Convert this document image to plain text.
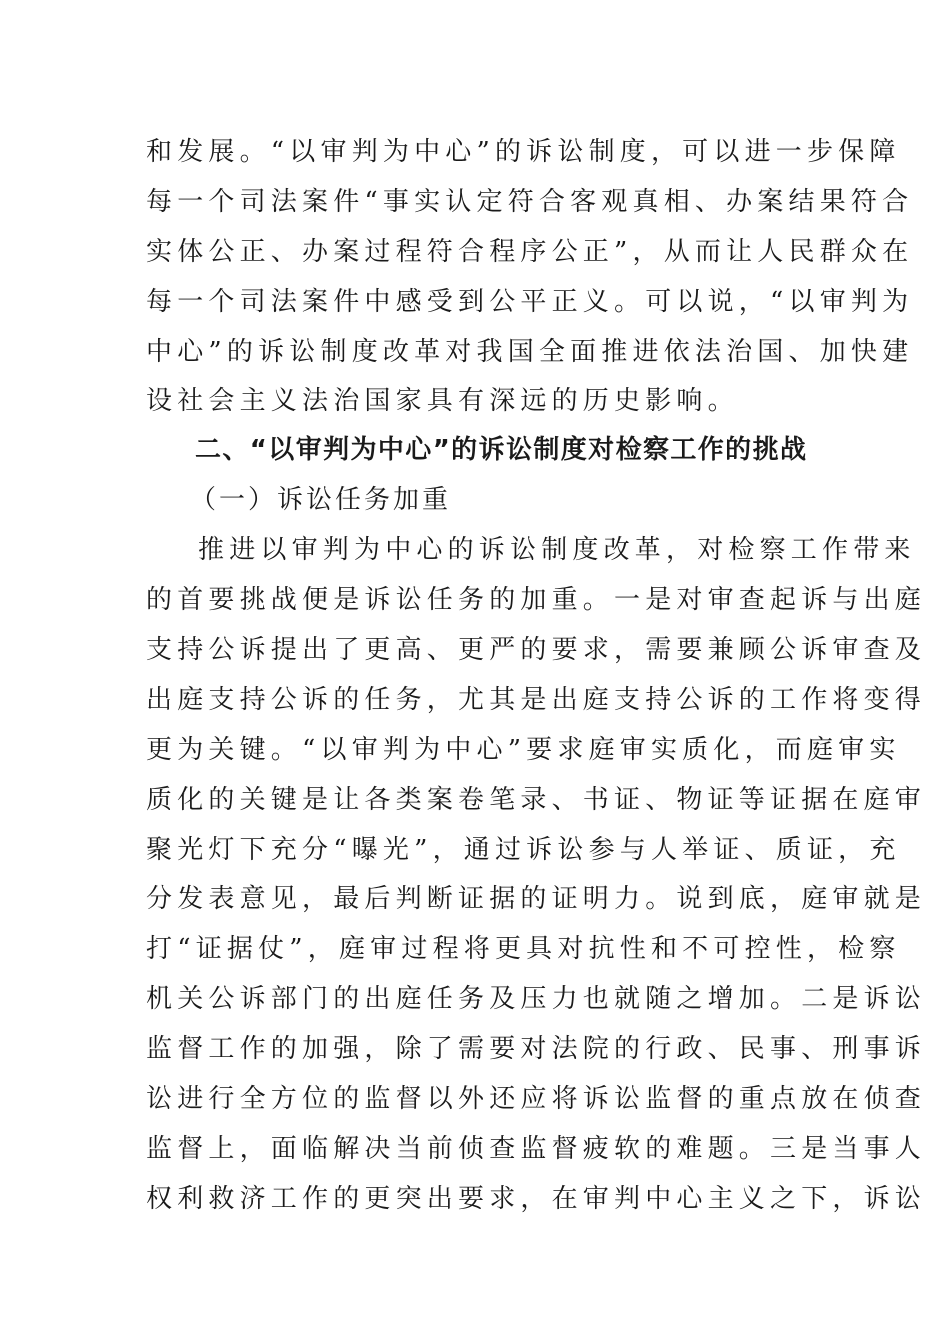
和发展。“以审判为中心”的诉讼制度，可以进一步保障
每一个司法案件“事实认定符合客观真相、办案结果符合
实体公正、办案过程符合程序公正”，从而让人民群众在
每一个司法案件中感受到公平正义。可以说，“以审判为
中心”的诉讼制度改革对我国全面推进依法治国、加快建
设社会主义法治国家具有深远的历史影响。
二、“以审判为中心”的诉讼制度对检察工作的挑战
（一）诉讼任务加重
推进以审判为中心的诉讼制度改革，对检察工作带来
的首要挑战便是诉讼任务的加重。一是对审查起诉与出庭
支持公诉提出了更高、更严的要求，需要兼顾公诉审查及
出庭支持公诉的任务，尤其是出庭支持公诉的工作将变得
更为关键。“以审判为中心”要求庭审实质化，而庭审实
质化的关键是让各类案卷笔录、书证、物证等证据在庭审
聚光灯下充分“曝光”，通过诉讼参与人举证、质证，充
分发表意见，最后判断证据的证明力。说到底，庭审就是
打“证据仗”，庭审过程将更具对抗性和不可控性，检察
机关公诉部门的出庭任务及压力也就随之增加。二是诉讼
监督工作的加强，除了需要对法院的行政、民事、刑事诉
讼进行全方位的监督以外还应将诉讼监督的重点放在侦查
监督上，面临解决当前侦查监督疲软的难题。三是当事人
权利救济工作的更突出要求，在审判中心主义之下，诉讼
